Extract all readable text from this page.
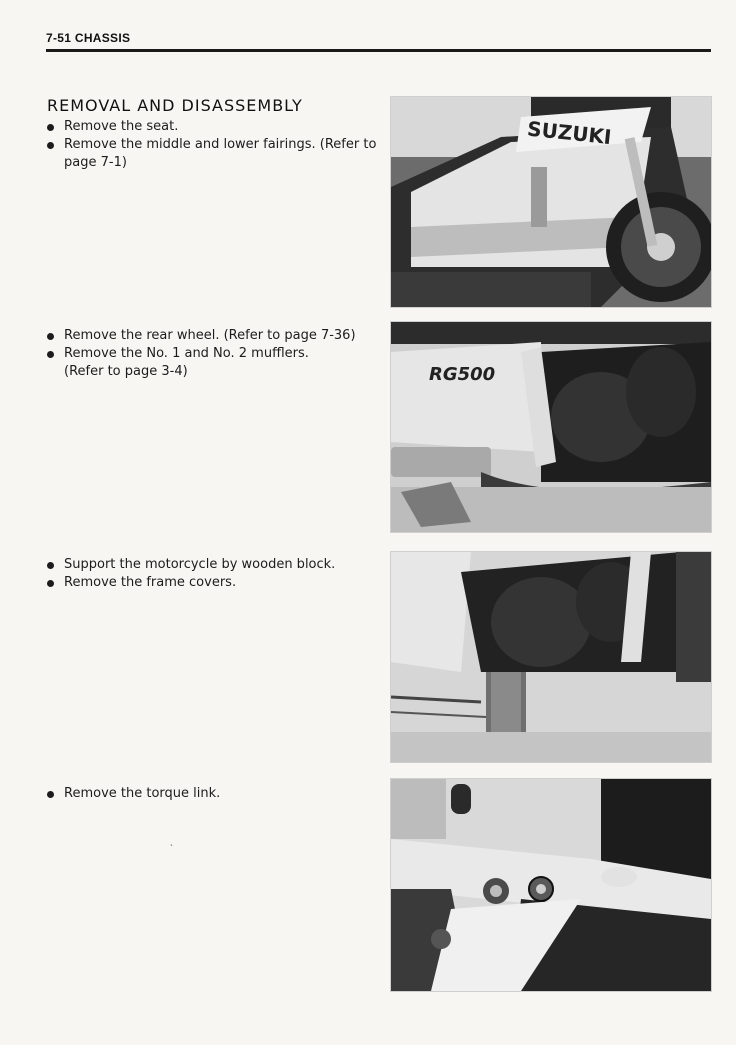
7-51 CHASSIS
REMOVAL AND DISASSEMBLY
Remove the seat.
Remove the middle and lower fairings. (Refer to
page 7-1)
Remove the rear wheel. (Refer to page 7-36)
Remove the No. 1 and No. 2 mufflers.
(Refer to page 3-4)
Support the motorcycle by wooden block.
Remove the frame covers.
Remove the torque link.
SUZUKI
RG500
ˎ
